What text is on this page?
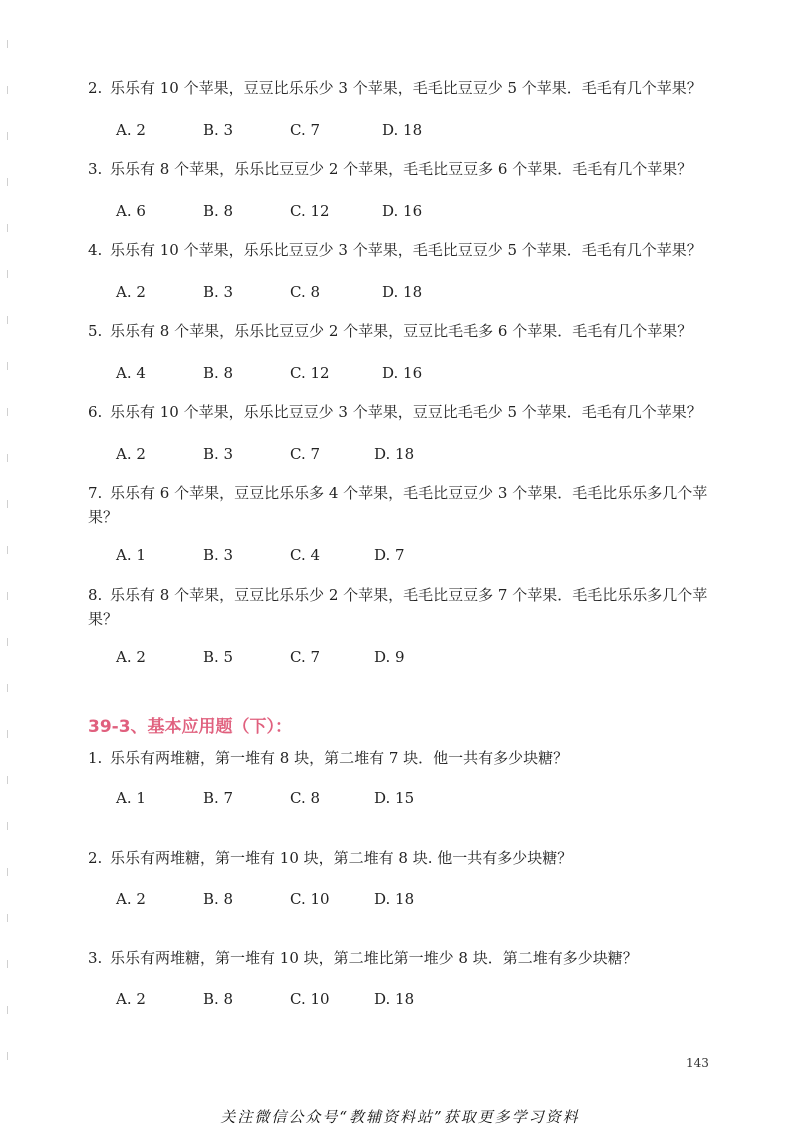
2. 乐乐有 10 个苹果，豆豆比乐乐少 3 个苹果，毛毛比豆豆少 5 个苹果．毛毛有几个苹果？
A. 2	B. 3	C. 7	D. 18
3. 乐乐有 8 个苹果，乐乐比豆豆少 2 个苹果，毛毛比豆豆多 6 个苹果．毛毛有几个苹果？
A. 6	B. 8	C. 12	D. 16
4. 乐乐有 10 个苹果，乐乐比豆豆少 3 个苹果，毛毛比豆豆少 5 个苹果．毛毛有几个苹果？
A. 2	B. 3	C. 8	D. 18
5. 乐乐有 8 个苹果，乐乐比豆豆少 2 个苹果，豆豆比毛毛多 6 个苹果．毛毛有几个苹果？
A. 4	B. 8	C. 12	D. 16
6. 乐乐有 10 个苹果，乐乐比豆豆少 3 个苹果，豆豆比毛毛少 5 个苹果．毛毛有几个苹果？
A. 2	B. 3	C. 7	D. 18
7. 乐乐有 6 个苹果，豆豆比乐乐多 4 个苹果，毛毛比豆豆少 3 个苹果．毛毛比乐乐多几个苹果？
A. 1	B. 3	C. 4	D. 7
8. 乐乐有 8 个苹果，豆豆比乐乐少 2 个苹果，毛毛比豆豆多 7 个苹果．毛毛比乐乐多几个苹果？
A. 2	B. 5	C. 7	D. 9
39-3、基本应用题（下）：
1. 乐乐有两堆糖，第一堆有 8 块，第二堆有 7 块．他一共有多少块糖？
A. 1	B. 7	C. 8	D. 15
2. 乐乐有两堆糖，第一堆有 10 块，第二堆有 8 块. 他一共有多少块糖？
A. 2	B. 8	C. 10	D. 18
3. 乐乐有两堆糖，第一堆有 10 块，第二堆比第一堆少 8 块．第二堆有多少块糖？
A. 2	B. 8	C. 10	D. 18
143
关注微信公众号“教辅资料站”获取更多学习资料
